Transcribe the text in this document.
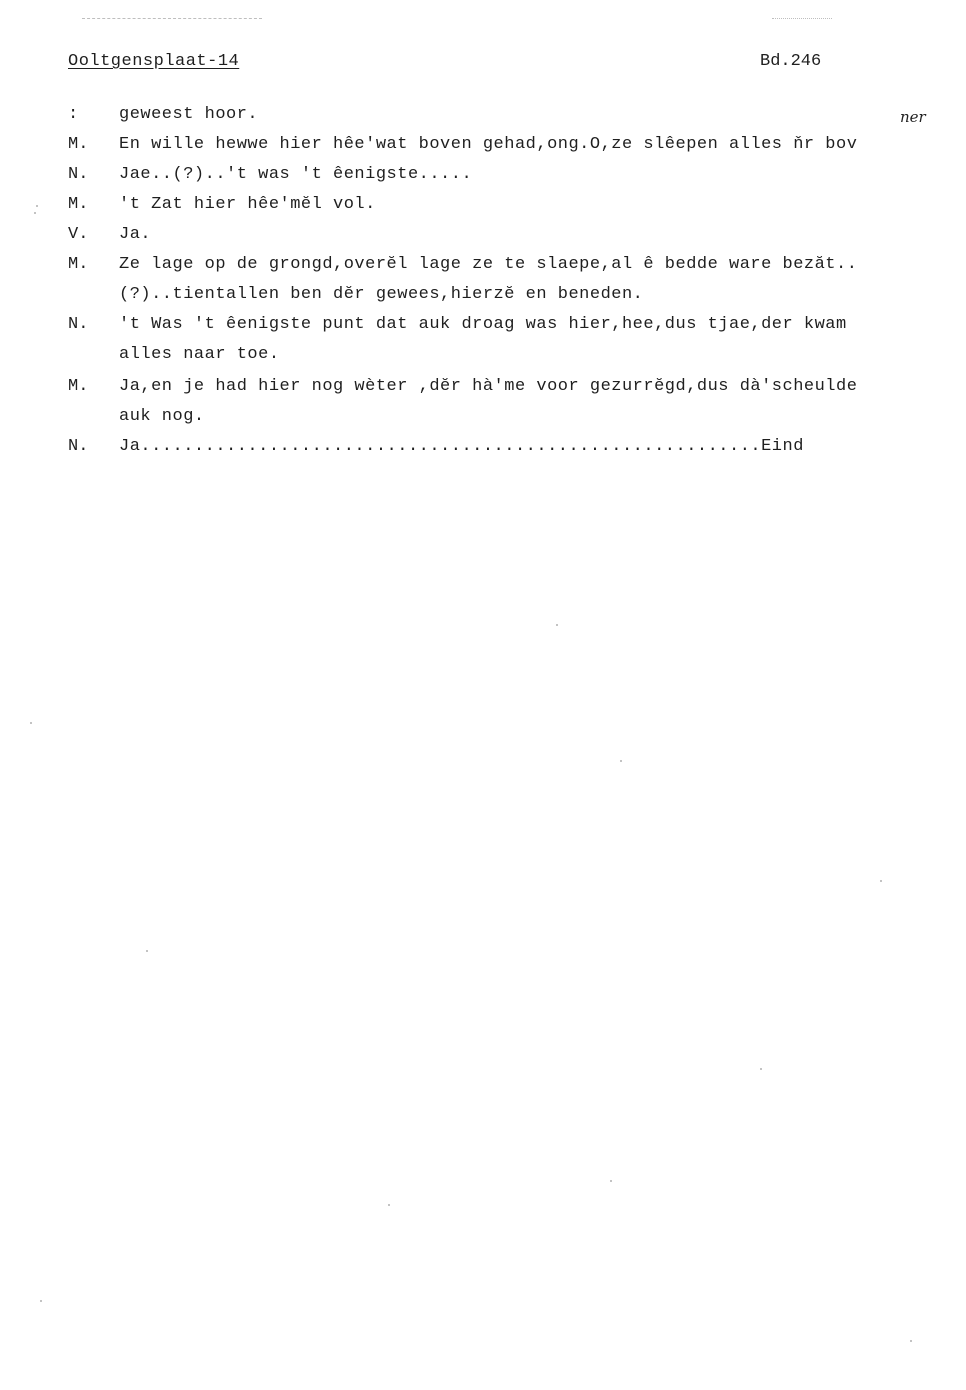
Ooltgensplaat-14	Bd.246
ner
:	geweest hoor.
M.	En wille hewwe hier hêe'wat boven gehad,ong.O,ze slêepen alles ňr bov
N.	Jae..(?)..'t was 't êenigste.....
M.	't Zat hier hêe'mĕl vol.
V.	Ja.
M.	Ze lage op de grongd,overĕl lage ze te slaepe,al ê bedde ware bezăt..
(?)..tientallen ben dĕr gewees,hierzĕ en beneden.
N.	't Was 't êenigste punt dat auk droag was hier,hee,dus tjae,der kwam
alles naar toe.
M.	Ja,en je had hier nog wèter ,dĕr hà'me voor gezurrĕgd,dus dà'scheulde
auk nog.
N.	Ja..........................................................Eind
